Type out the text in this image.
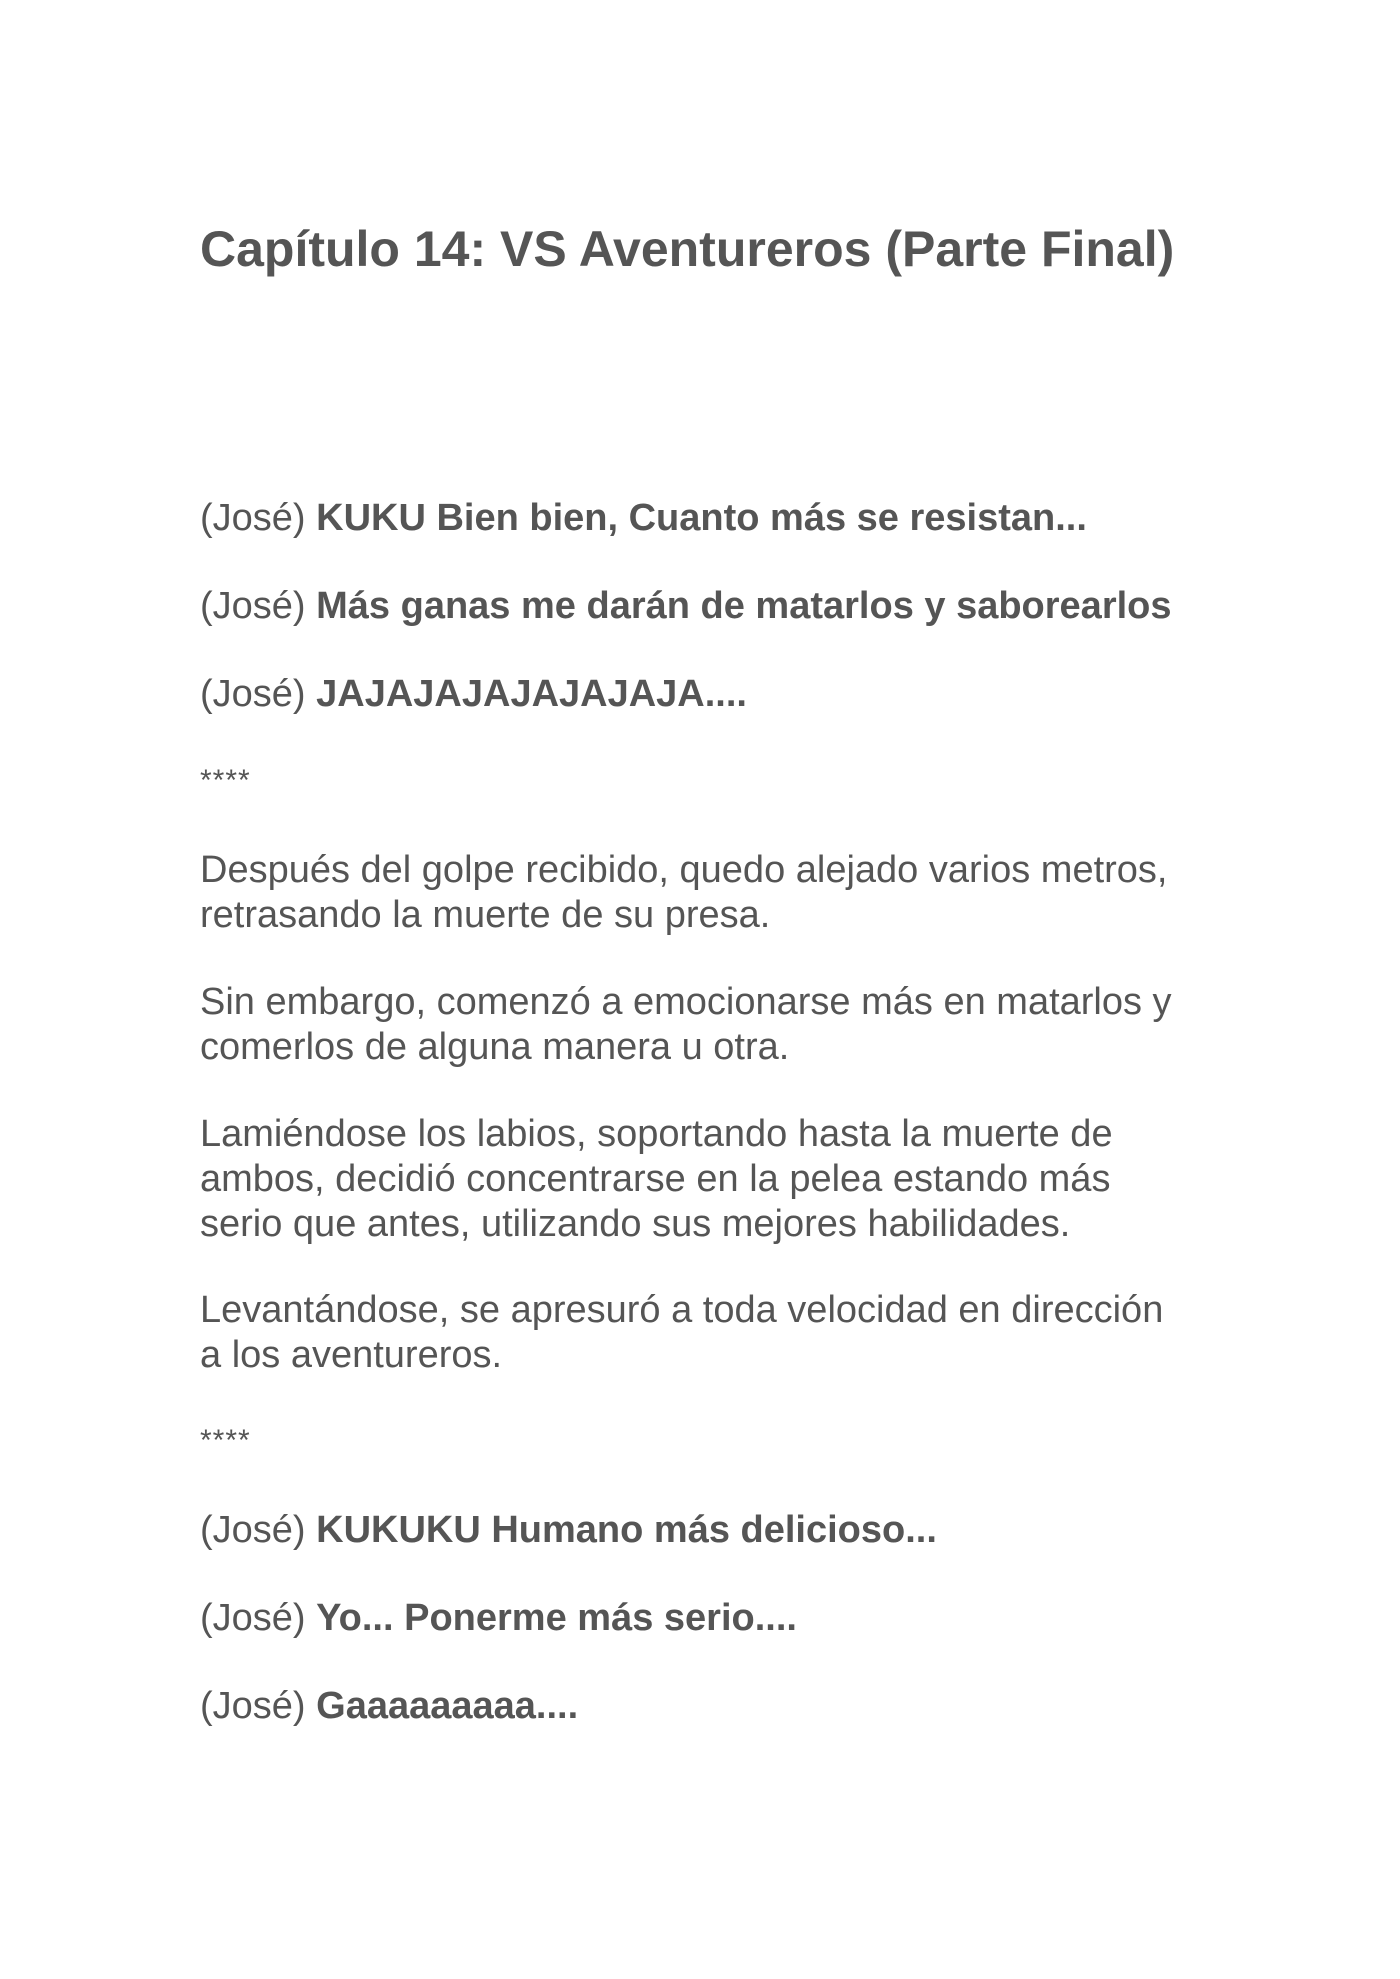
Capítulo 14: VS Aventureros (Parte Final)

(José) KUKU Bien bien, Cuanto más se resistan...

(José) Más ganas me darán de matarlos y saborearlos

(José) JAJAJAJAJAJAJAJA....

****

Después del golpe recibido, quedo alejado varios metros,
retrasando la muerte de su presa.
Sin embargo, comenzó a emocionarse más en matarlos y
comerlos de alguna manera u otra.
Lamiéndose los labios, soportando hasta la muerte de
ambos, decidió concentrarse en la pelea estando más
serio que antes, utilizando sus mejores habilidades.
Levantándose, se apresuró a toda velocidad en dirección
a los aventureros.

****

(José) KUKUKU Humano más delicioso...

(José) Yo... Ponerme más serio....

(José) Gaaaaaaaaa....
